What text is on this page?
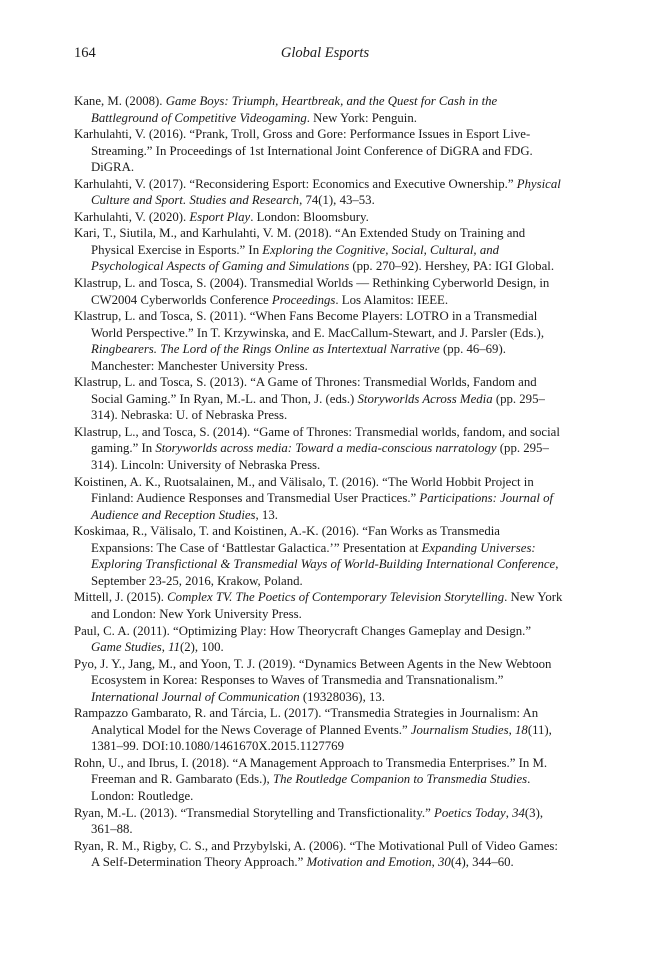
164	Global Esports
Kane, M. (2008). Game Boys: Triumph, Heartbreak, and the Quest for Cash in the Battleground of Competitive Videogaming. New York: Penguin.
Karhulahti, V. (2016). “Prank, Troll, Gross and Gore: Performance Issues in Esport Live-Streaming.” In Proceedings of 1st International Joint Conference of DiGRA and FDG. DiGRA.
Karhulahti, V. (2017). “Reconsidering Esport: Economics and Executive Ownership.” Physical Culture and Sport. Studies and Research, 74(1), 43–53.
Karhulahti, V. (2020). Esport Play. London: Bloomsbury.
Kari, T., Siutila, M., and Karhulahti, V. M. (2018). “An Extended Study on Training and Physical Exercise in Esports.” In Exploring the Cognitive, Social, Cultural, and Psychological Aspects of Gaming and Simulations (pp. 270–92). Hershey, PA: IGI Global.
Klastrup, L. and Tosca, S. (2004). Transmedial Worlds — Rethinking Cyberworld Design, in CW2004 Cyberworlds Conference Proceedings. Los Alamitos: IEEE.
Klastrup, L. and Tosca, S. (2011). “When Fans Become Players: LOTRO in a Transmedial World Perspective.” In T. Krzywinska, and E. MacCallum-Stewart, and J. Parsler (Eds.), Ringbearers. The Lord of the Rings Online as Intertextual Narrative (pp. 46–69). Manchester: Manchester University Press.
Klastrup, L. and Tosca, S. (2013). “A Game of Thrones: Transmedial Worlds, Fandom and Social Gaming.” In Ryan, M.-L. and Thon, J. (eds.) Storyworlds Across Media (pp. 295–314). Nebraska: U. of Nebraska Press.
Klastrup, L., and Tosca, S. (2014). “Game of Thrones: Transmedial worlds, fandom, and social gaming.” In Storyworlds across media: Toward a media-conscious narratology (pp. 295–314). Lincoln: University of Nebraska Press.
Koistinen, A. K., Ruotsalainen, M., and Välisalo, T. (2016). “The World Hobbit Project in Finland: Audience Responses and Transmedial User Practices.” Participations: Journal of Audience and Reception Studies, 13.
Koskimaa, R., Välisalo, T. and Koistinen, A.-K. (2016). “Fan Works as Transmedia Expansions: The Case of ‘Battlestar Galactica.’” Presentation at Expanding Universes: Exploring Transfictional & Transmedial Ways of World-Building International Conference, September 23-25, 2016, Krakow, Poland.
Mittell, J. (2015). Complex TV. The Poetics of Contemporary Television Storytelling. New York and London: New York University Press.
Paul, C. A. (2011). “Optimizing Play: How Theorycraft Changes Gameplay and Design.” Game Studies, 11(2), 100.
Pyo, J. Y., Jang, M., and Yoon, T. J. (2019). “Dynamics Between Agents in the New Webtoon Ecosystem in Korea: Responses to Waves of Transmedia and Transnationalism.” International Journal of Communication (19328036), 13.
Rampazzo Gambarato, R. and Tárcia, L. (2017). “Transmedia Strategies in Journalism: An Analytical Model for the News Coverage of Planned Events.” Journalism Studies, 18(11), 1381–99. DOI:10.1080/1461670X.2015.1127769
Rohn, U., and Ibrus, I. (2018). “A Management Approach to Transmedia Enterprises.” In M. Freeman and R. Gambarato (Eds.), The Routledge Companion to Transmedia Studies. London: Routledge.
Ryan, M.-L. (2013). “Transmedial Storytelling and Transfictionality.” Poetics Today, 34(3), 361–88.
Ryan, R. M., Rigby, C. S., and Przybylski, A. (2006). “The Motivational Pull of Video Games: A Self-Determination Theory Approach.” Motivation and Emotion, 30(4), 344–60.
